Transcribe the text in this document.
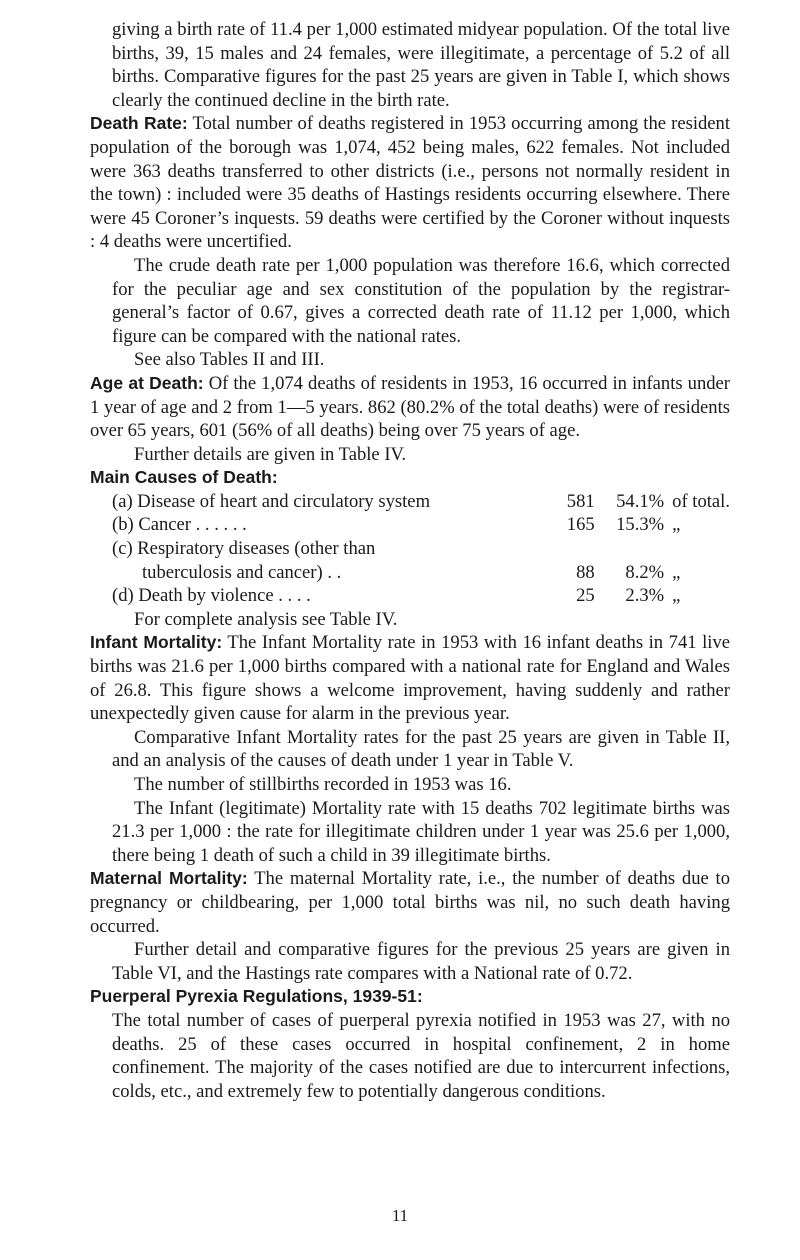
giving a birth rate of 11.4 per 1,000 estimated midyear population. Of the total live births, 39, 15 males and 24 females, were illegitimate, a percentage of 5.2 of all births. Comparative figures for the past 25 years are given in Table I, which shows clearly the continued decline in the birth rate.

Death Rate: Total number of deaths registered in 1953 occurring among the resident population of the borough was 1,074, 452 being males, 622 females. Not included were 363 deaths transferred to other districts (i.e., persons not normally resident in the town) : included were 35 deaths of Hastings residents occurring elsewhere. There were 45 Coroner’s inquests. 59 deaths were certified by the Coroner without inquests : 4 deaths were uncertified.

The crude death rate per 1,000 population was therefore 16.6, which corrected for the peculiar age and sex constitution of the population by the registrar-general’s factor of 0.67, gives a corrected death rate of 11.12 per 1,000, which figure can be compared with the national rates.

See also Tables II and III.

Age at Death: Of the 1,074 deaths of residents in 1953, 16 occurred in infants under 1 year of age and 2 from 1—5 years. 862 (80.2% of the total deaths) were of residents over 65 years, 601 (56% of all deaths) being over 75 years of age.

Further details are given in Table IV.

Main Causes of Death:
(a) Disease of heart and circulatory system	581	54.1%	of total.
(b) Cancer . . . . . .	165	15.3%	„
(c) Respiratory diseases (other than			
tuberculosis and cancer) . .	88	8.2%	„
(d) Death by violence . . . .	25	2.3%	„
For complete analysis see Table IV.

Infant Mortality: The Infant Mortality rate in 1953 with 16 infant deaths in 741 live births was 21.6 per 1,000 births compared with a national rate for England and Wales of 26.8. This figure shows a welcome improvement, having suddenly and rather unexpectedly given cause for alarm in the previous year.

Comparative Infant Mortality rates for the past 25 years are given in Table II, and an analysis of the causes of death under 1 year in Table V.

The number of stillbirths recorded in 1953 was 16.

The Infant (legitimate) Mortality rate with 15 deaths 702 legitimate births was 21.3 per 1,000 : the rate for illegitimate children under 1 year was 25.6 per 1,000, there being 1 death of such a child in 39 illegitimate births.

Maternal Mortality: The maternal Mortality rate, i.e., the number of deaths due to pregnancy or childbearing, per 1,000 total births was nil, no such death having occurred.

Further detail and comparative figures for the previous 25 years are given in Table VI, and the Hastings rate compares with a National rate of 0.72.

Puerperal Pyrexia Regulations, 1939-51:

The total number of cases of puerperal pyrexia notified in 1953 was 27, with no deaths. 25 of these cases occurred in hospital confinement, 2 in home confinement. The majority of the cases notified are due to intercurrent infections, colds, etc., and extremely few to potentially dangerous conditions.

11
